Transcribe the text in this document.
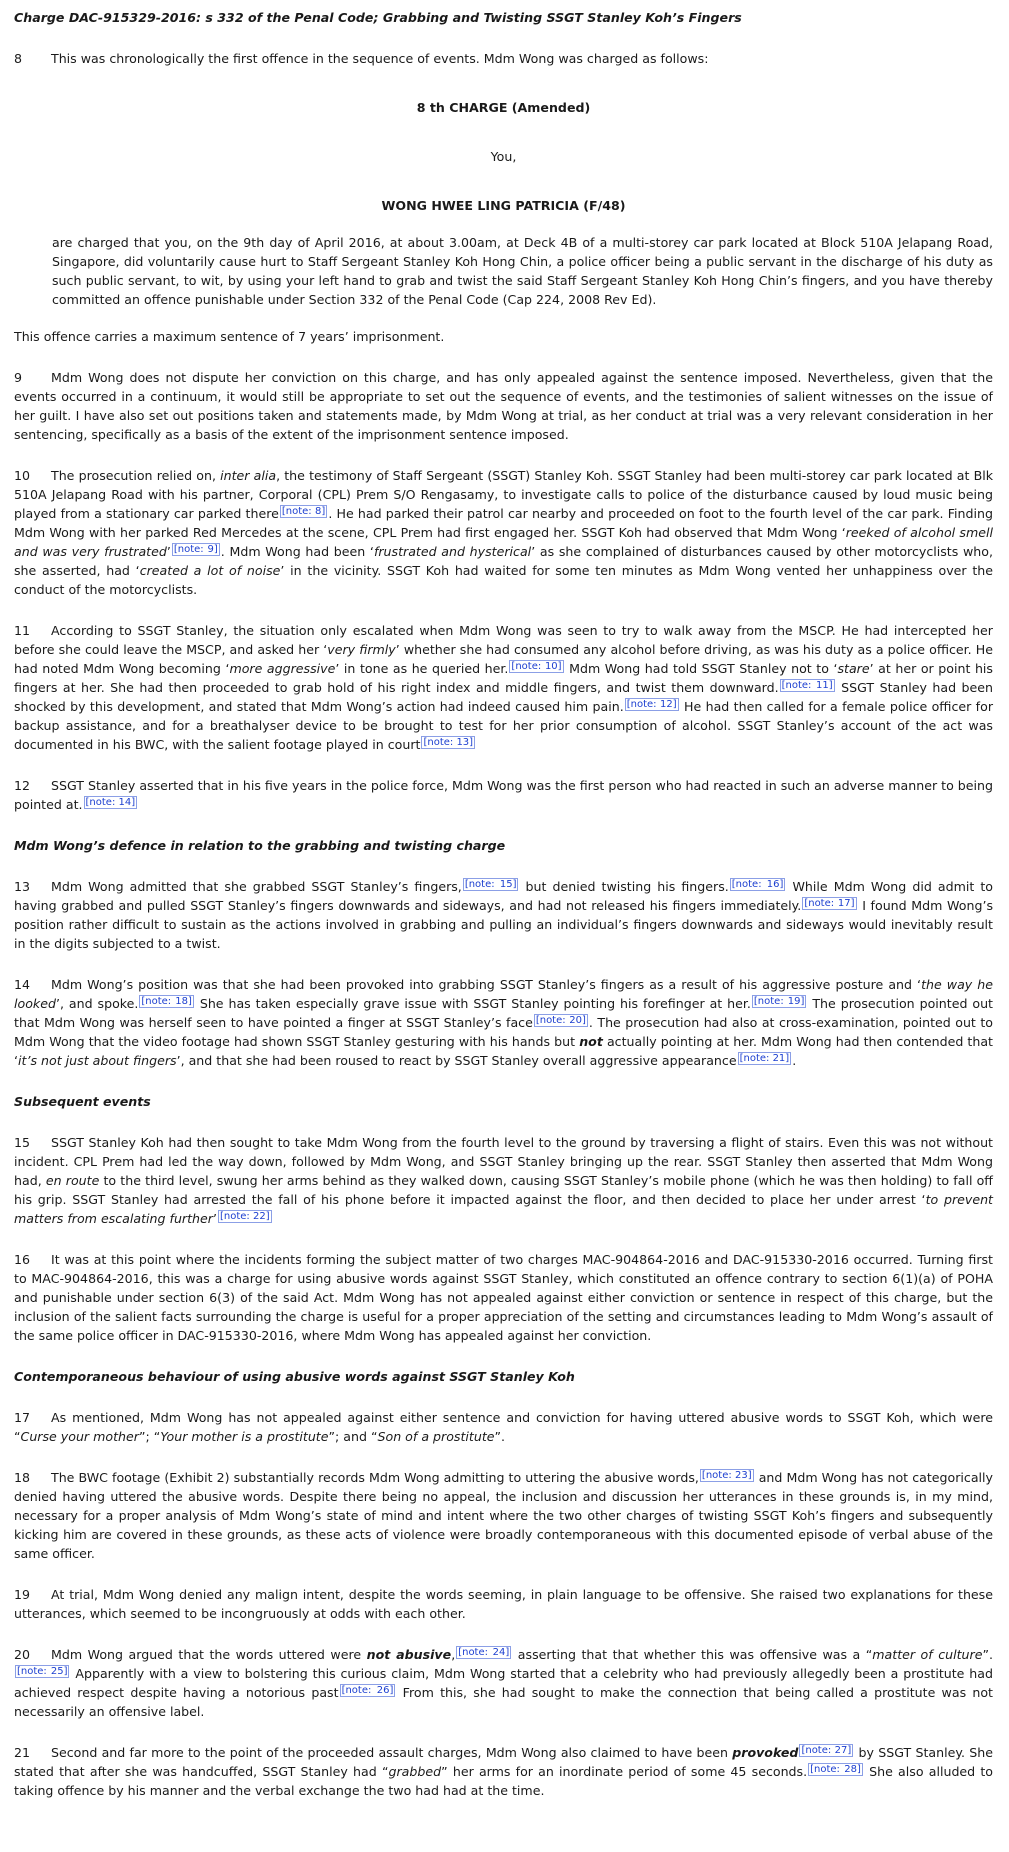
Charge DAC-915329-2016: s 332 of the Penal Code; Grabbing and Twisting SSGT Stanley Koh’s Fingers

8 This was chronologically the first offence in the sequence of events. Mdm Wong was charged as follows:

8 th CHARGE (Amended)

You,

WONG HWEE LING PATRICIA (F/48)

are charged that you, on the 9th day of April 2016, at about 3.00am, at Deck 4B of a multi-storey car park located at Block 510A Jelapang Road, Singapore, did voluntarily cause hurt to Staff Sergeant Stanley Koh Hong Chin, a police officer being a public servant in the discharge of his duty as such public servant, to wit, by using your left hand to grab and twist the said Staff Sergeant Stanley Koh Hong Chin’s fingers, and you have thereby committed an offence punishable under Section 332 of the Penal Code (Cap 224, 2008 Rev Ed).

This offence carries a maximum sentence of 7 years’ imprisonment.

9 Mdm Wong does not dispute her conviction on this charge, and has only appealed against the sentence imposed. Nevertheless, given that the events occurred in a continuum, it would still be appropriate to set out the sequence of events, and the testimonies of salient witnesses on the issue of her guilt. I have also set out positions taken and statements made, by Mdm Wong at trial, as her conduct at trial was a very relevant consideration in her sentencing, specifically as a basis of the extent of the imprisonment sentence imposed.

10 The prosecution relied on, inter alia, the testimony of Staff Sergeant (SSGT) Stanley Koh. SSGT Stanley had been multi-storey car park located at Blk 510A Jelapang Road with his partner, Corporal (CPL) Prem S/O Rengasamy, to investigate calls to police of the disturbance caused by loud music being played from a stationary car parked there [note: 8] . He had parked their patrol car nearby and proceeded on foot to the fourth level of the car park. Finding Mdm Wong with her parked Red Mercedes at the scene, CPL Prem had first engaged her. SSGT Koh had observed that Mdm Wong ‘reeked of alcohol smell and was very frustrated’ [note: 9] . Mdm Wong had been ‘frustrated and hysterical’ as she complained of disturbances caused by other motorcyclists who, she asserted, had ‘created a lot of noise’ in the vicinity. SSGT Koh had waited for some ten minutes as Mdm Wong vented her unhappiness over the conduct of the motorcyclists.

11 According to SSGT Stanley, the situation only escalated when Mdm Wong was seen to try to walk away from the MSCP. He had intercepted her before she could leave the MSCP, and asked her ‘very firmly’ whether she had consumed any alcohol before driving, as was his duty as a police officer. He had noted Mdm Wong becoming ‘more aggressive’ in tone as he queried her. [note: 10] Mdm Wong had told SSGT Stanley not to ‘stare’ at her or point his fingers at her. She had then proceeded to grab hold of his right index and middle fingers, and twist them downward. [note: 11] SSGT Stanley had been shocked by this development, and stated that Mdm Wong’s action had indeed caused him pain. [note: 12] He had then called for a female police officer for backup assistance, and for a breathalyser device to be brought to test for her prior consumption of alcohol. SSGT Stanley’s account of the act was documented in his BWC, with the salient footage played in court [note: 13]

12 SSGT Stanley asserted that in his five years in the police force, Mdm Wong was the first person who had reacted in such an adverse manner to being pointed at. [note: 14]

Mdm Wong’s defence in relation to the grabbing and twisting charge

13 Mdm Wong admitted that she grabbed SSGT Stanley’s fingers, [note: 15] but denied twisting his fingers. [note: 16] While Mdm Wong did admit to having grabbed and pulled SSGT Stanley’s fingers downwards and sideways, and had not released his fingers immediately. [note: 17] I found Mdm Wong’s position rather difficult to sustain as the actions involved in grabbing and pulling an individual’s fingers downwards and sideways would inevitably result in the digits subjected to a twist.

14 Mdm Wong’s position was that she had been provoked into grabbing SSGT Stanley’s fingers as a result of his aggressive posture and ‘the way he looked’, and spoke. [note: 18] She has taken especially grave issue with SSGT Stanley pointing his forefinger at her. [note: 19] The prosecution pointed out that Mdm Wong was herself seen to have pointed a finger at SSGT Stanley’s face [note: 20] . The prosecution had also at cross-examination, pointed out to Mdm Wong that the video footage had shown SSGT Stanley gesturing with his hands but not actually pointing at her. Mdm Wong had then contended that ‘it’s not just about fingers’, and that she had been roused to react by SSGT Stanley overall aggressive appearance [note: 21] .

Subsequent events

15 SSGT Stanley Koh had then sought to take Mdm Wong from the fourth level to the ground by traversing a flight of stairs. Even this was not without incident. CPL Prem had led the way down, followed by Mdm Wong, and SSGT Stanley bringing up the rear. SSGT Stanley then asserted that Mdm Wong had, en route to the third level, swung her arms behind as they walked down, causing SSGT Stanley’s mobile phone (which he was then holding) to fall off his grip. SSGT Stanley had arrested the fall of his phone before it impacted against the floor, and then decided to place her under arrest ‘to prevent matters from escalating further’ [note: 22]

16 It was at this point where the incidents forming the subject matter of two charges MAC-904864-2016 and DAC-915330-2016 occurred. Turning first to MAC-904864-2016, this was a charge for using abusive words against SSGT Stanley, which constituted an offence contrary to section 6(1)(a) of POHA and punishable under section 6(3) of the said Act. Mdm Wong has not appealed against either conviction or sentence in respect of this charge, but the inclusion of the salient facts surrounding the charge is useful for a proper appreciation of the setting and circumstances leading to Mdm Wong’s assault of the same police officer in DAC-915330-2016, where Mdm Wong has appealed against her conviction.

Contemporaneous behaviour of using abusive words against SSGT Stanley Koh

17 As mentioned, Mdm Wong has not appealed against either sentence and conviction for having uttered abusive words to SSGT Koh, which were “Curse your mother”; “Your mother is a prostitute”; and “Son of a prostitute”.

18 The BWC footage (Exhibit 2) substantially records Mdm Wong admitting to uttering the abusive words, [note: 23] and Mdm Wong has not categorically denied having uttered the abusive words. Despite there being no appeal, the inclusion and discussion her utterances in these grounds is, in my mind, necessary for a proper analysis of Mdm Wong’s state of mind and intent where the two other charges of twisting SSGT Koh’s fingers and subsequently kicking him are covered in these grounds, as these acts of violence were broadly contemporaneous with this documented episode of verbal abuse of the same officer.

19 At trial, Mdm Wong denied any malign intent, despite the words seeming, in plain language to be offensive. She raised two explanations for these utterances, which seemed to be incongruously at odds with each other.

20 Mdm Wong argued that the words uttered were not abusive, [note: 24] asserting that that whether this was offensive was a “matter of culture”.[note: 25] Apparently with a view to bolstering this curious claim, Mdm Wong started that a celebrity who had previously allegedly been a prostitute had achieved respect despite having a notorious past [note: 26] From this, she had sought to make the connection that being called a prostitute was not necessarily an offensive label.

21 Second and far more to the point of the proceeded assault charges, Mdm Wong also claimed to have been provoked [note: 27] by SSGT Stanley. She stated that after she was handcuffed, SSGT Stanley had “grabbed” her arms for an inordinate period of some 45 seconds. [note: 28] She also alluded to taking offence by his manner and the verbal exchange the two had had at the time.
